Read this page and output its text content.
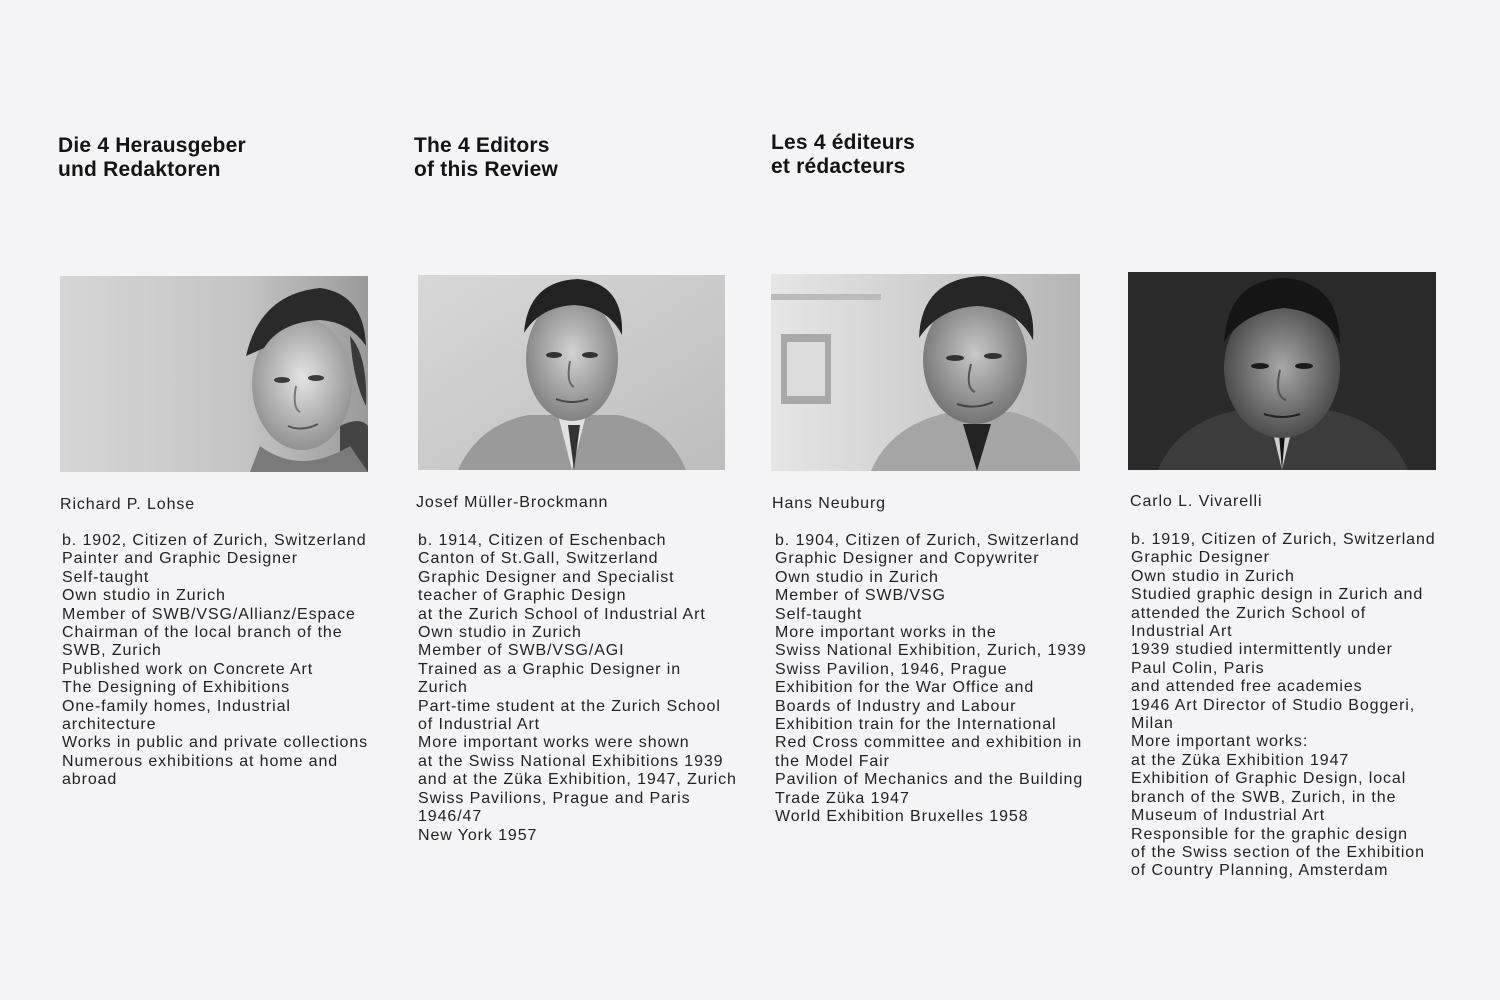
Die 4 Herausgeber
und Redaktoren
The 4 Editors
of this Review
Les 4 éditeurs
et rédacteurs

Richard P. Lohse	Josef Müller-Brockmann	Hans Neuburg	Carlo L. Vivarelli

b. 1902, Citizen of Zurich, Switzerland
Painter and Graphic Designer
Self-taught
Own studio in Zurich
Member of SWB/VSG/Allianz/Espace
Chairman of the local branch of the
SWB, Zurich
Published work on Concrete Art
The Designing of Exhibitions
One-family homes, Industrial
architecture
Works in public and private collections
Numerous exhibitions at home and
abroad
b. 1914, Citizen of Eschenbach
Canton of St.Gall, Switzerland
Graphic Designer and Specialist
teacher of Graphic Design
at the Zurich School of Industrial Art
Own studio in Zurich
Member of SWB/VSG/AGI
Trained as a Graphic Designer in
Zurich
Part-time student at the Zurich School
of Industrial Art
More important works were shown
at the Swiss National Exhibitions 1939
and at the Züka Exhibition, 1947, Zurich
Swiss Pavilions, Prague and Paris
1946/47
New York 1957
b. 1904, Citizen of Zurich, Switzerland
Graphic Designer and Copywriter
Own studio in Zurich
Member of SWB/VSG
Self-taught
More important works in the
Swiss National Exhibition, Zurich, 1939
Swiss Pavilion, 1946, Prague
Exhibition for the War Office and
Boards of Industry and Labour
Exhibition train for the International
Red Cross committee and exhibition in
the Model Fair
Pavilion of Mechanics and the Building
Trade Züka 1947
World Exhibition Bruxelles 1958
b. 1919, Citizen of Zurich, Switzerland
Graphic Designer
Own studio in Zurich
Studied graphic design in Zurich and
attended the Zurich School of
Industrial Art
1939 studied intermittently under
Paul Colin, Paris
and attended free academies
1946 Art Director of Studio Boggeri,
Milan
More important works:
at the Züka Exhibition 1947
Exhibition of Graphic Design, local
branch of the SWB, Zurich, in the
Museum of Industrial Art
Responsible for the graphic design
of the Swiss section of the Exhibition
of Country Planning, Amsterdam
